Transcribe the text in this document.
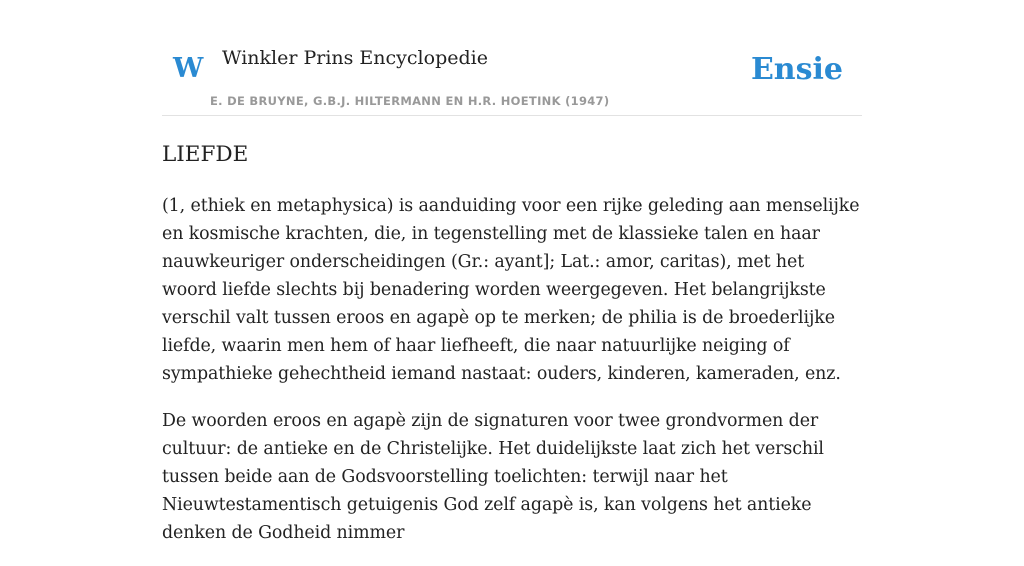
W Winkler Prins Encyclopedie
E. DE BRUYNE, G.B.J. HILTERMANN EN H.R. HOETINK (1947)
Ensie
LIEFDE

(1, ethiek en metaphysica) is aanduiding voor een rijke geleding aan menselijke en kosmische krachten, die, in tegenstelling met de klassieke talen en haar nauwkeuriger onderscheidingen (Gr.: ayant]; Lat.: amor, caritas), met het woord liefde slechts bij benadering worden weergegeven. Het belangrijkste verschil valt tussen eroos en agapè op te merken; de philia is de broederlijke liefde, waarin men hem of haar liefheeft, die naar natuurlijke neiging of sympathieke gehechtheid iemand nastaat: ouders, kinderen, kameraden, enz.

De woorden eroos en agapè zijn de signaturen voor twee grondvormen der cultuur: de antieke en de Christelijke. Het duidelijkste laat zich het verschil tussen beide aan de Godsvoorstelling toelichten: terwijl naar het Nieuwtestamentisch getuigenis God zelf agapè is, kan volgens het antieke denken de Godheid nimmer
